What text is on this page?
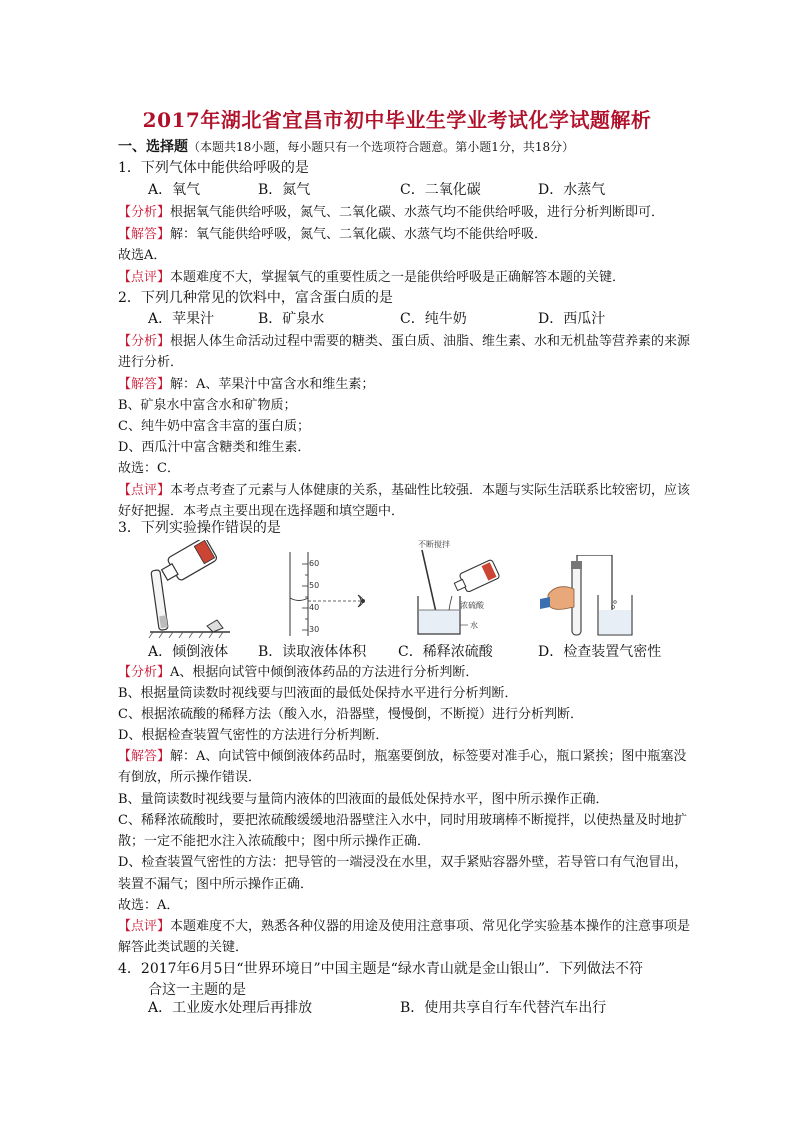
2017年湖北省宜昌市初中毕业生学业考试化学试题解析
一、选择题（本题共18小题，每小题只有一个选项符合题意。第小题1分，共18分）
1．下列气体中能供给呼吸的是
A．氧气	B．氮气	C．二氧化碳	D．水蒸气
【分析】根据氧气能供给呼吸，氮气、二氧化碳、水蒸气均不能供给呼吸，进行分析判断即可．
【解答】解：氧气能供给呼吸，氮气、二氧化碳、水蒸气均不能供给呼吸．
故选A．
【点评】本题难度不大，掌握氧气的重要性质之一是能供给呼吸是正确解答本题的关键．
2．下列几种常见的饮料中，富含蛋白质的是
A．苹果汁	B．矿泉水	C．纯牛奶	D．西瓜汁
【分析】根据人体生命活动过程中需要的糖类、蛋白质、油脂、维生素、水和无机盐等营养素的来源
进行分析．
【解答】解：A、苹果汁中富含水和维生素；
B、矿泉水中富含水和矿物质；
C、纯牛奶中富含丰富的蛋白质；
D、西瓜汁中富含糖类和维生素．
故选：C．
【点评】本考点考查了元素与人体健康的关系，基础性比较强．本题与实际生活联系比较密切，应该
好好把握．本考点主要出现在选择题和填空题中．
3．下列实验操作错误的是
A．倾倒液体
60
50
40
30
B．读取液体体积
不断搅拌
浓硫酸
水
C．稀释浓硫酸	D．检查装置气密性
【分析】A、根据向试管中倾倒液体药品的方法进行分析判断．
B、根据量筒读数时视线要与凹液面的最低处保持水平进行分析判断．
C、根据浓硫酸的稀释方法（酸入水，沿器壁，慢慢倒，不断搅）进行分析判断．
D、根据检查装置气密性的方法进行分析判断．
【解答】解：A、向试管中倾倒液体药品时，瓶塞要倒放，标签要对准手心，瓶口紧挨；图中瓶塞没
有倒放，所示操作错误．
B、量筒读数时视线要与量筒内液体的凹液面的最低处保持水平，图中所示操作正确．
C、稀释浓硫酸时，要把浓硫酸缓缓地沿器壁注入水中，同时用玻璃棒不断搅拌，以使热量及时地扩
散；一定不能把水注入浓硫酸中；图中所示操作正确．
D、检查装置气密性的方法：把导管的一端浸没在水里，双手紧贴容器外壁，若导管口有气泡冒出，
装置不漏气；图中所示操作正确．
故选：A．
【点评】本题难度不大，熟悉各种仪器的用途及使用注意事项、常见化学实验基本操作的注意事项是
解答此类试题的关键．
4．2017年6月5日“世界环境日”中国主题是“绿水青山就是金山银山”．下列做法不符
合这一主题的是
A．工业废水处理后再排放	B．使用共享自行车代替汽车出行
